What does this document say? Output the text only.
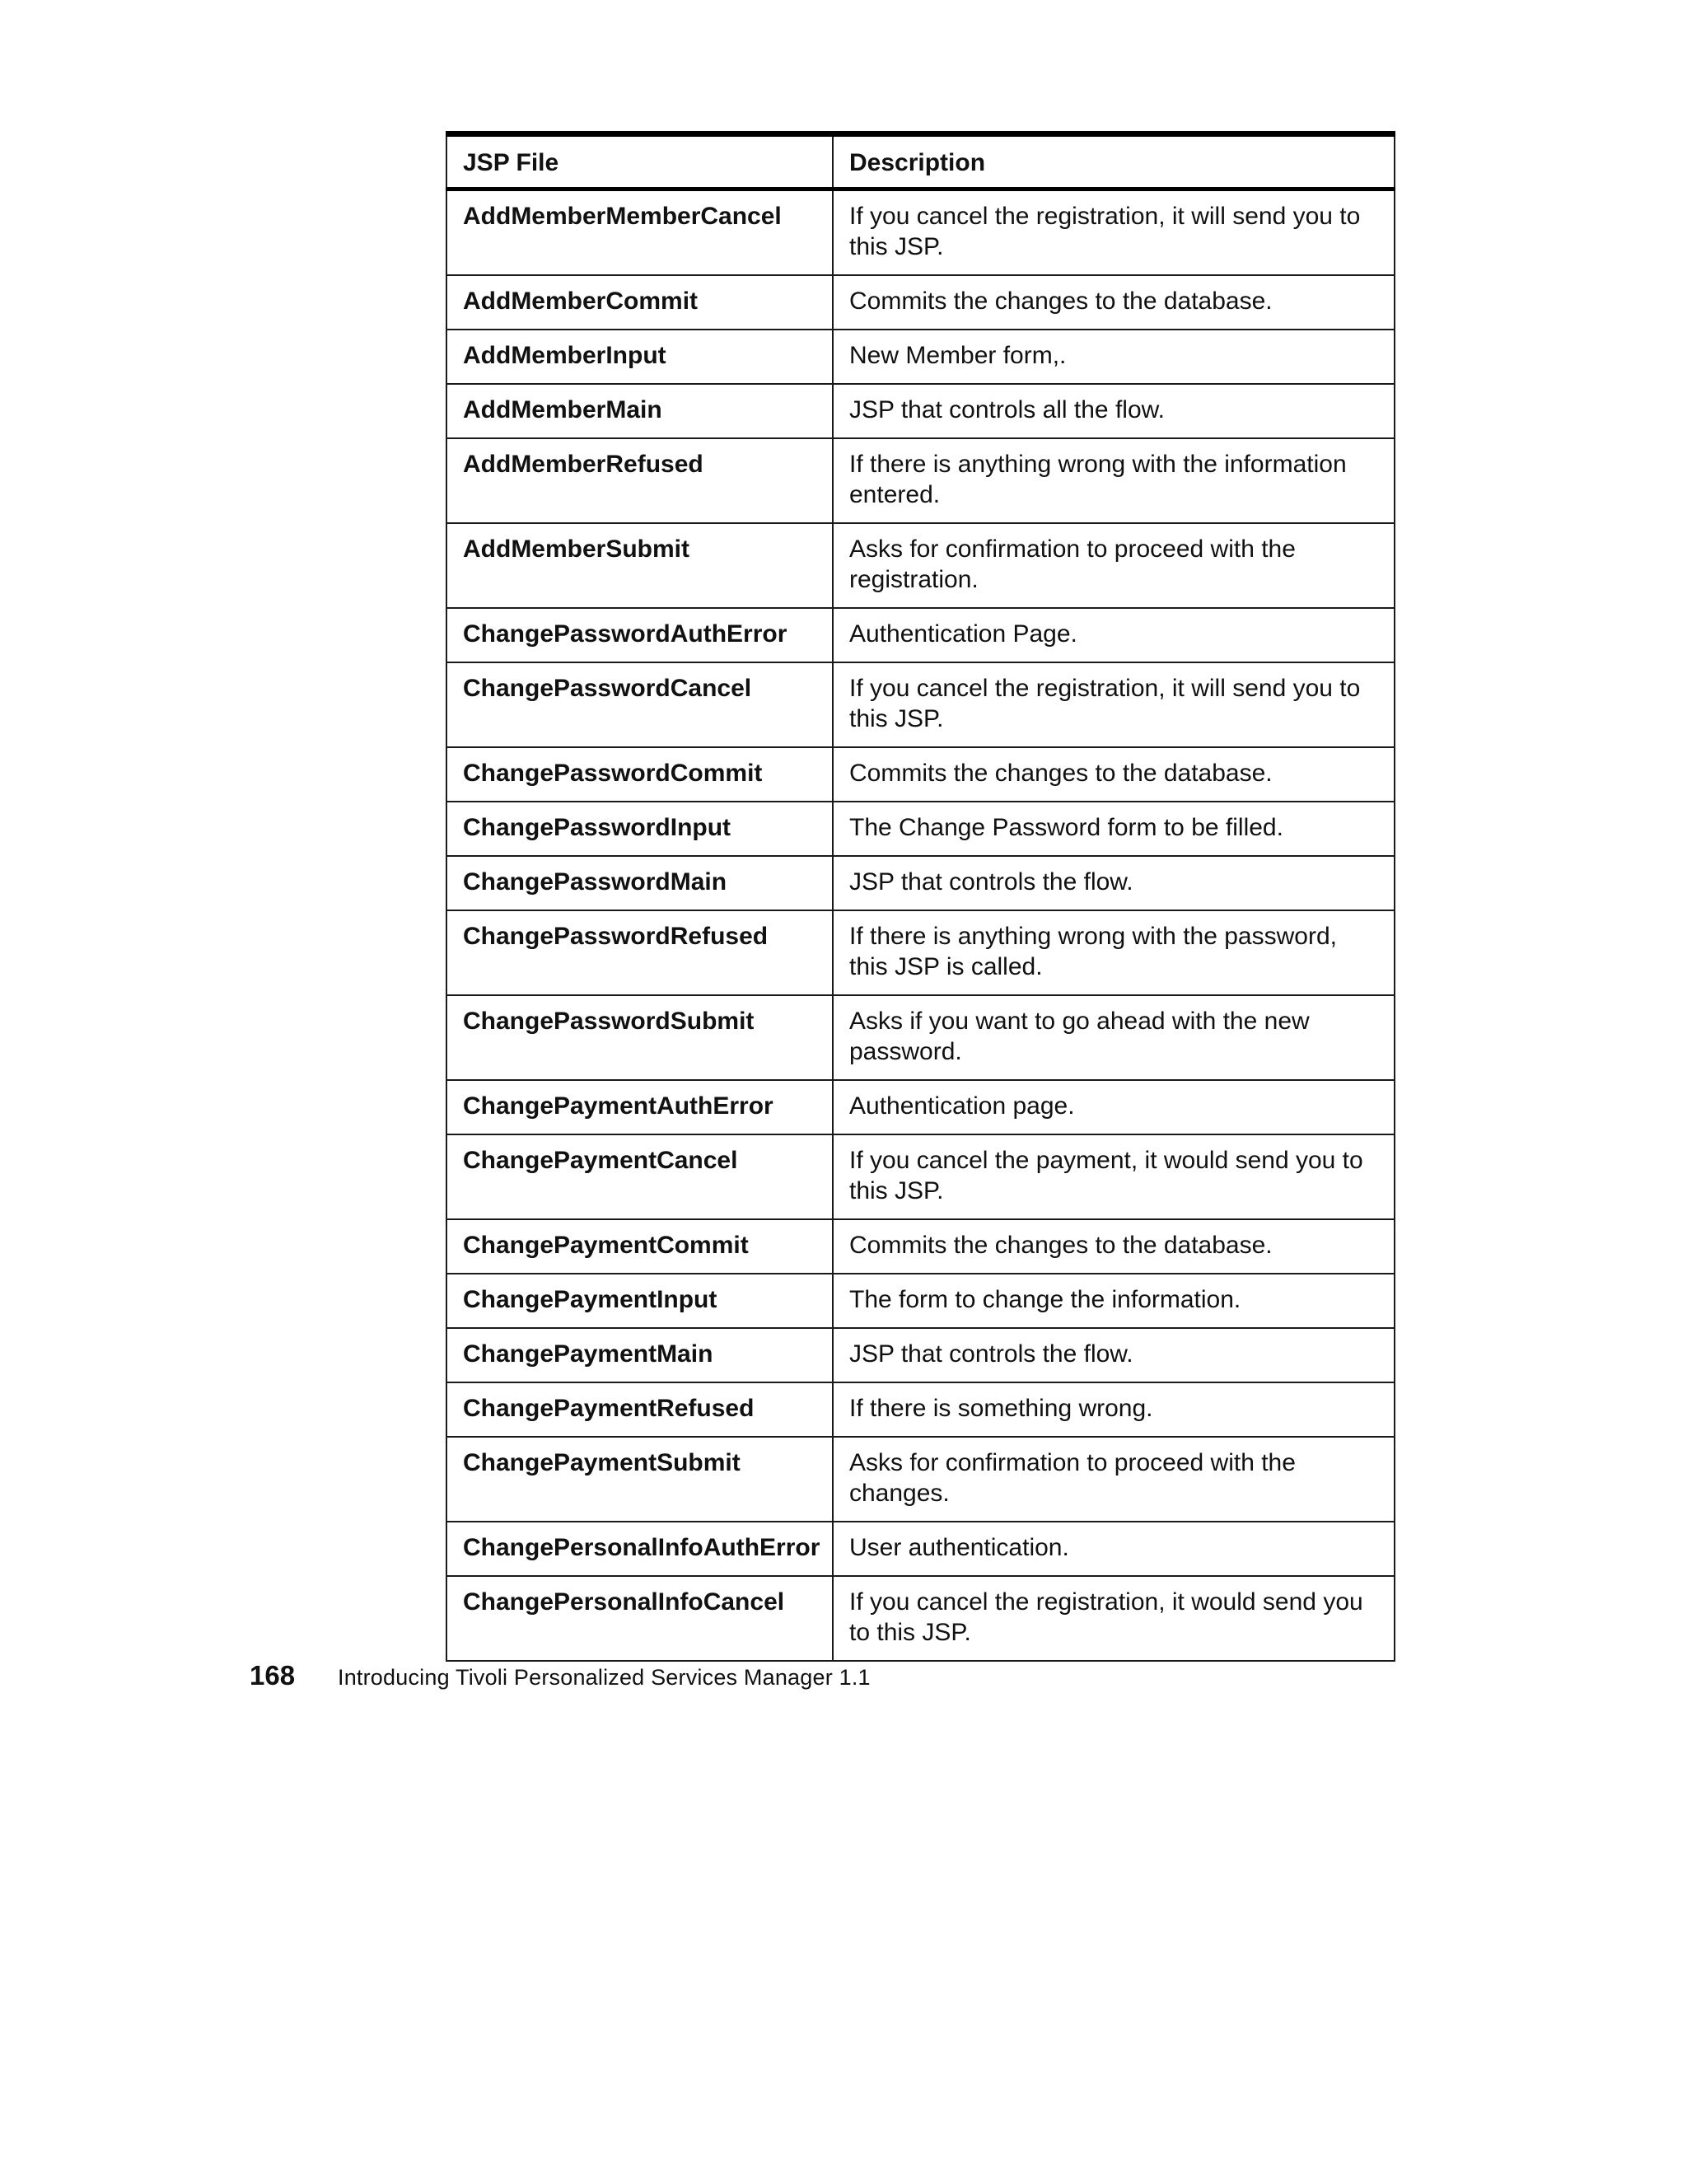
JSP File	Description
AddMemberMemberCancel	If you cancel the registration, it will send you to this JSP.
AddMemberCommit	Commits the changes to the database.
AddMemberInput	New Member form,.
AddMemberMain	JSP that controls all the flow.
AddMemberRefused	If there is anything wrong with the information entered.
AddMemberSubmit	Asks for confirmation to proceed with the registration.
ChangePasswordAuthError	Authentication Page.
ChangePasswordCancel	If you cancel the registration, it will send you to this JSP.
ChangePasswordCommit	Commits the changes to the database.
ChangePasswordInput	The Change Password form to be filled.
ChangePasswordMain	JSP that controls the flow.
ChangePasswordRefused	If there is anything wrong with the password, this JSP is called.
ChangePasswordSubmit	Asks if you want to go ahead with the new password.
ChangePaymentAuthError	Authentication page.
ChangePaymentCancel	If you cancel the payment, it would send you to this JSP.
ChangePaymentCommit	Commits the changes to the database.
ChangePaymentInput	The form to change the information.
ChangePaymentMain	JSP that controls the flow.
ChangePaymentRefused	If there is something wrong.
ChangePaymentSubmit	Asks for confirmation to proceed with the changes.
ChangePersonalInfoAuthError	User authentication.
ChangePersonalInfoCancel	If you cancel the registration, it would send you to this JSP.
168	Introducing Tivoli Personalized Services Manager 1.1
